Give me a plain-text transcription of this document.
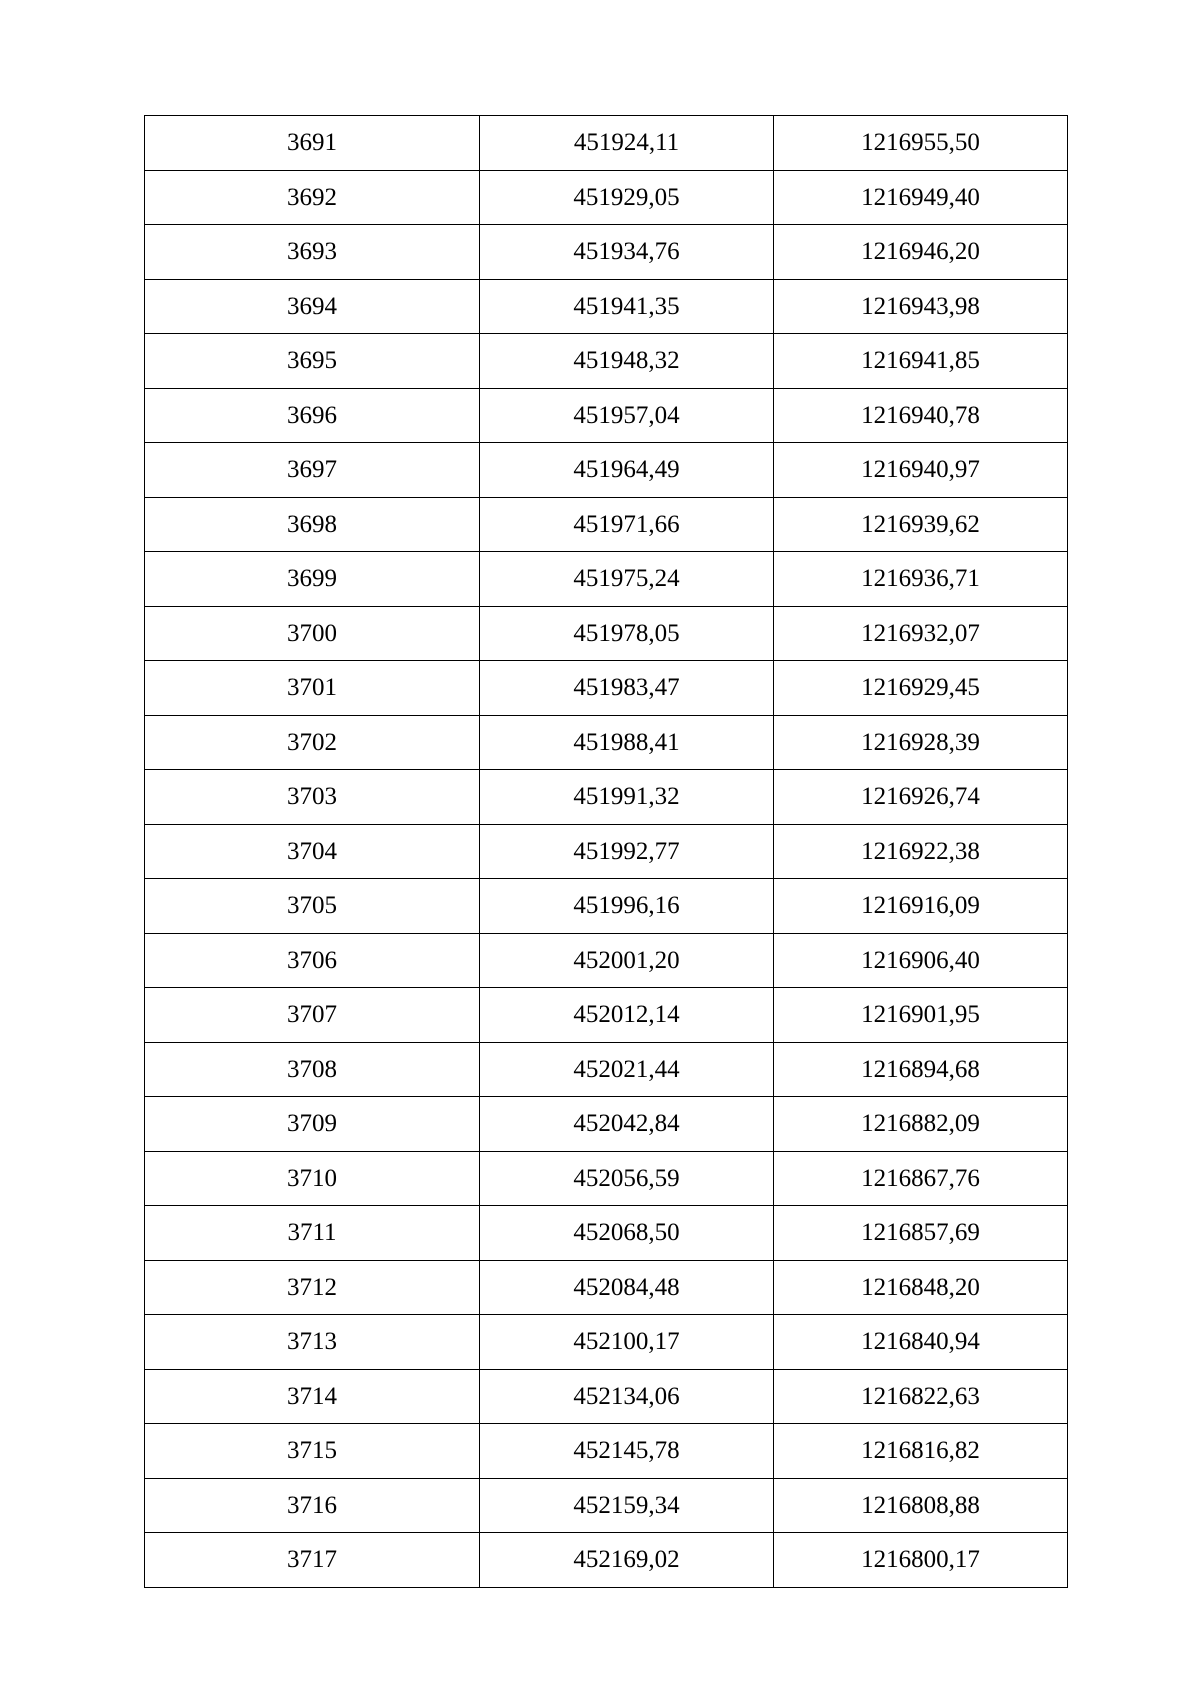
3691	451924,11	1216955,50
3692	451929,05	1216949,40
3693	451934,76	1216946,20
3694	451941,35	1216943,98
3695	451948,32	1216941,85
3696	451957,04	1216940,78
3697	451964,49	1216940,97
3698	451971,66	1216939,62
3699	451975,24	1216936,71
3700	451978,05	1216932,07
3701	451983,47	1216929,45
3702	451988,41	1216928,39
3703	451991,32	1216926,74
3704	451992,77	1216922,38
3705	451996,16	1216916,09
3706	452001,20	1216906,40
3707	452012,14	1216901,95
3708	452021,44	1216894,68
3709	452042,84	1216882,09
3710	452056,59	1216867,76
3711	452068,50	1216857,69
3712	452084,48	1216848,20
3713	452100,17	1216840,94
3714	452134,06	1216822,63
3715	452145,78	1216816,82
3716	452159,34	1216808,88
3717	452169,02	1216800,17
